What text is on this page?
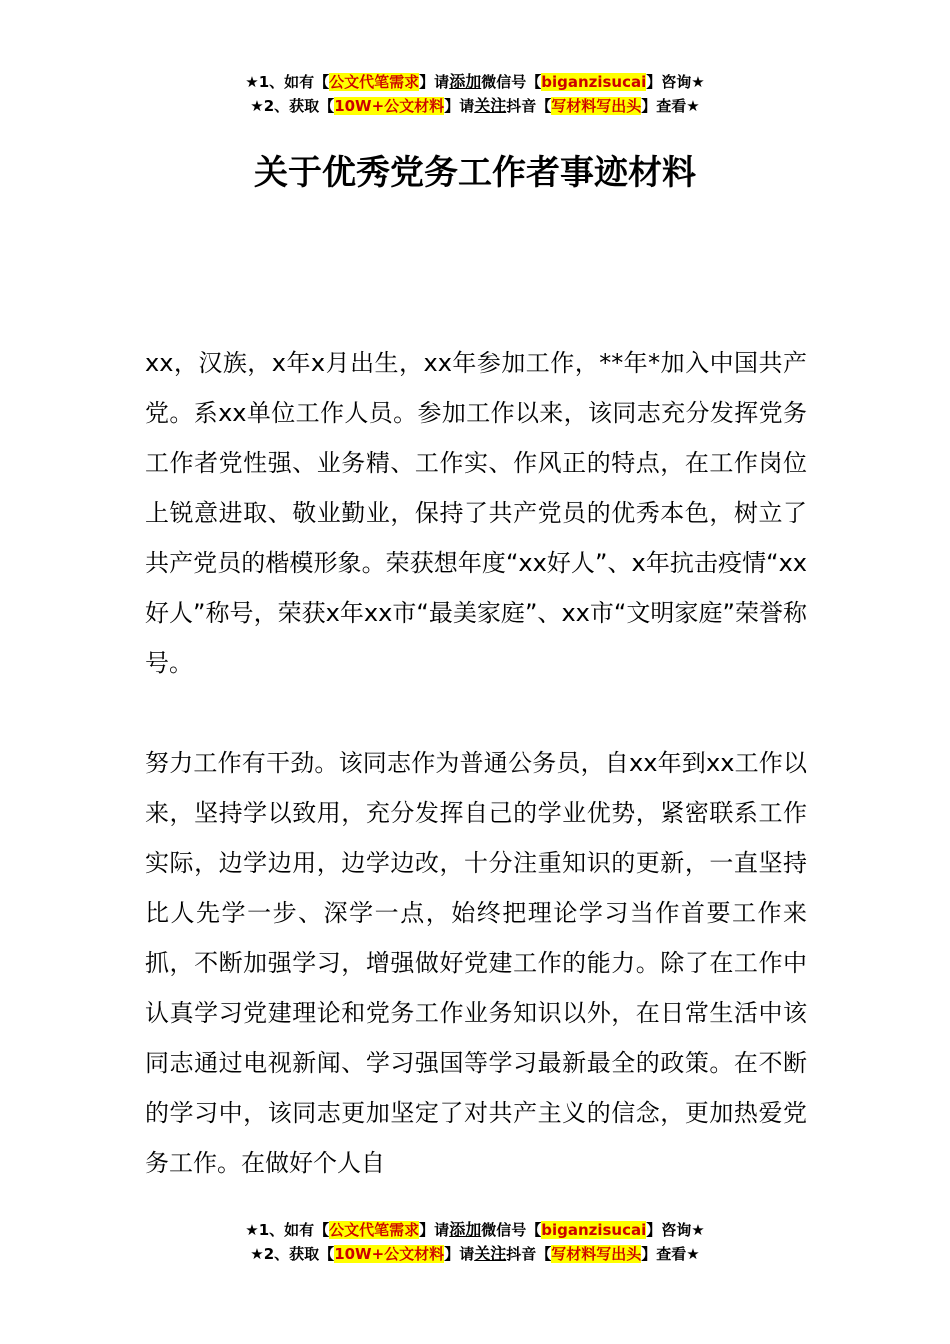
★1、如有【公文代笔需求】请添加微信号【biganzisucai】咨询★
★2、获取【10W+公文材料】请关注抖音【写材料写出头】查看★
关于优秀党务工作者事迹材料

xx，汉族，x年x月出生，xx年参加工作，**年*加入中国共产党。系xx单位工作人员。参加工作以来，该同志充分发挥党务工作者党性强、业务精、工作实、作风正的特点，在工作岗位上锐意进取、敬业勤业，保持了共产党员的优秀本色，树立了共产党员的楷模形象。荣获想年度“xx好人”、x年抗击疫情“xx好人”称号，荣获x年xx市“最美家庭”、xx市“文明家庭”荣誉称号。

努力工作有干劲。该同志作为普通公务员，自xx年到xx工作以来，坚持学以致用，充分发挥自己的学业优势，紧密联系工作实际，边学边用，边学边改，十分注重知识的更新，一直坚持比人先学一步、深学一点，始终把理论学习当作首要工作来抓，不断加强学习，增强做好党建工作的能力。除了在工作中认真学习党建理论和党务工作业务知识以外，在日常生活中该同志通过电视新闻、学习强国等学习最新最全的政策。在不断的学习中，该同志更加坚定了对共产主义的信念，更加热爱党务工作。在做好个人自

★1、如有【公文代笔需求】请添加微信号【biganzisucai】咨询★
★2、获取【10W+公文材料】请关注抖音【写材料写出头】查看★
